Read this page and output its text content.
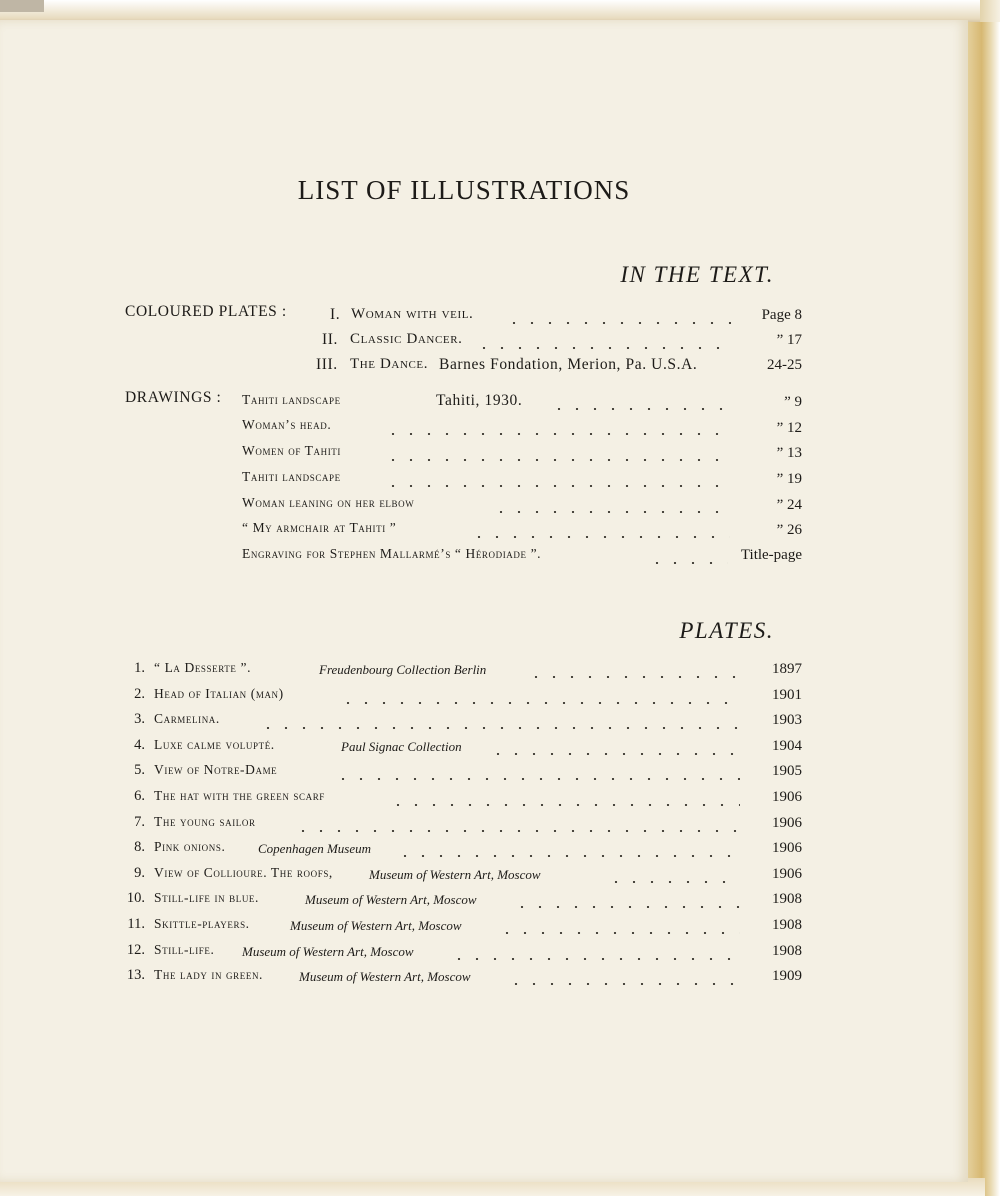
LIST OF ILLUSTRATIONS
IN THE TEXT.
COLOURED PLATES :	I. Woman with veil.	Page 8
II. Classic Dancer.	” 17
III. The Dance. Barnes Fondation, Merion, Pa. U.S.A.	24-25
DRAWINGS : Tahiti landscape	Tahiti, 1930.	” 9
Woman’s head.	” 12
Women of Tahiti	” 13
Tahiti landscape	” 19
Woman leaning on her elbow	” 24
“ My armchair at Tahiti ”	” 26
Engraving for Stephen Mallarmé’s “ Hérodiade ”.	Title-page
PLATES.
1. “ La Desserte ”.	Freudenbourg Collection Berlin	1897
2. Head of Italian (man)	1901
3. Carmelina.	1903
4. Luxe calme volupté.	Paul Signac Collection	1904
5. View of Notre-Dame	1905
6. The hat with the green scarf	1906
7. The young sailor	1906
8. Pink onions.	Copenhagen Museum	1906
9. View of Collioure. The roofs,	Museum of Western Art, Moscow	1906
10. Still-life in blue.	Museum of Western Art, Moscow	1908
11. Skittle-players.	Museum of Western Art, Moscow	1908
12. Still-life. Museum of Western Art, Moscow	1908
13. The lady in green.	Museum of Western Art, Moscow	1909
